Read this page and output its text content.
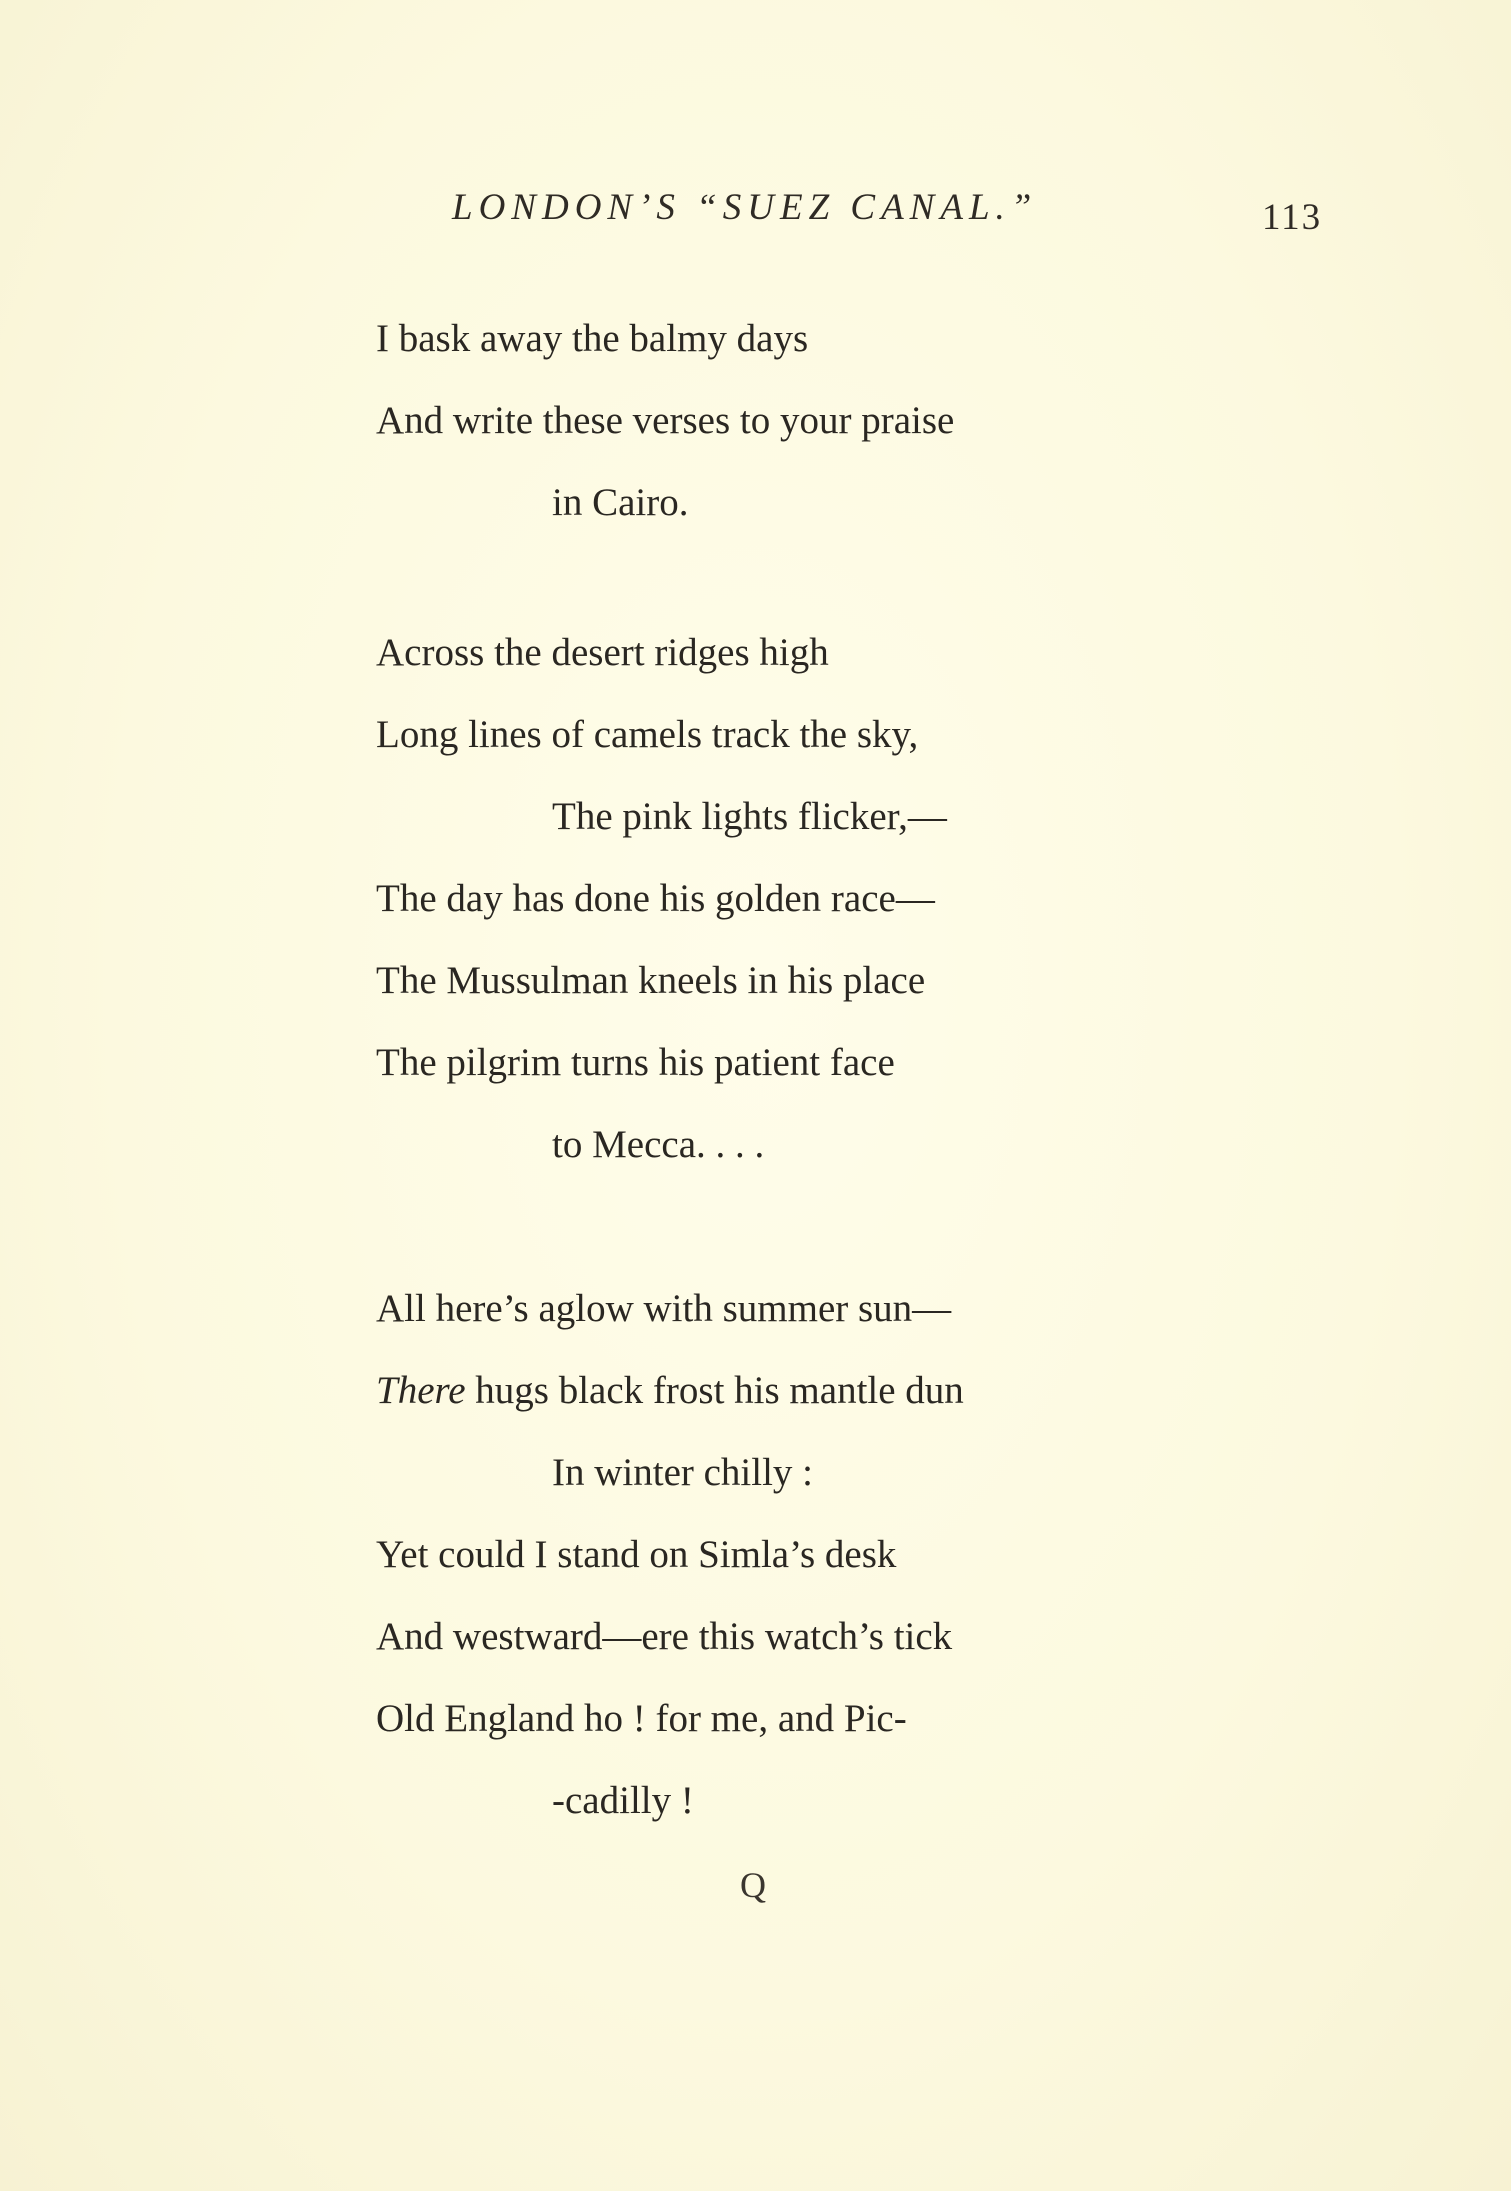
LONDON’S “SUEZ CANAL.”	113
I bask away the balmy days
And write these verses to your praise
in Cairo.
Across the desert ridges high
Long lines of camels track the sky,
The pink lights flicker,—
The day has done his golden race—
The Mussulman kneels in his place
The pilgrim turns his patient face
to Mecca. . . .
All here’s aglow with summer sun—
There hugs black frost his mantle dun
In winter chilly :
Yet could I stand on Simla’s desk
And westward—ere this watch’s tick
Old England ho ! for me, and Pic-
-cadilly !
Q
